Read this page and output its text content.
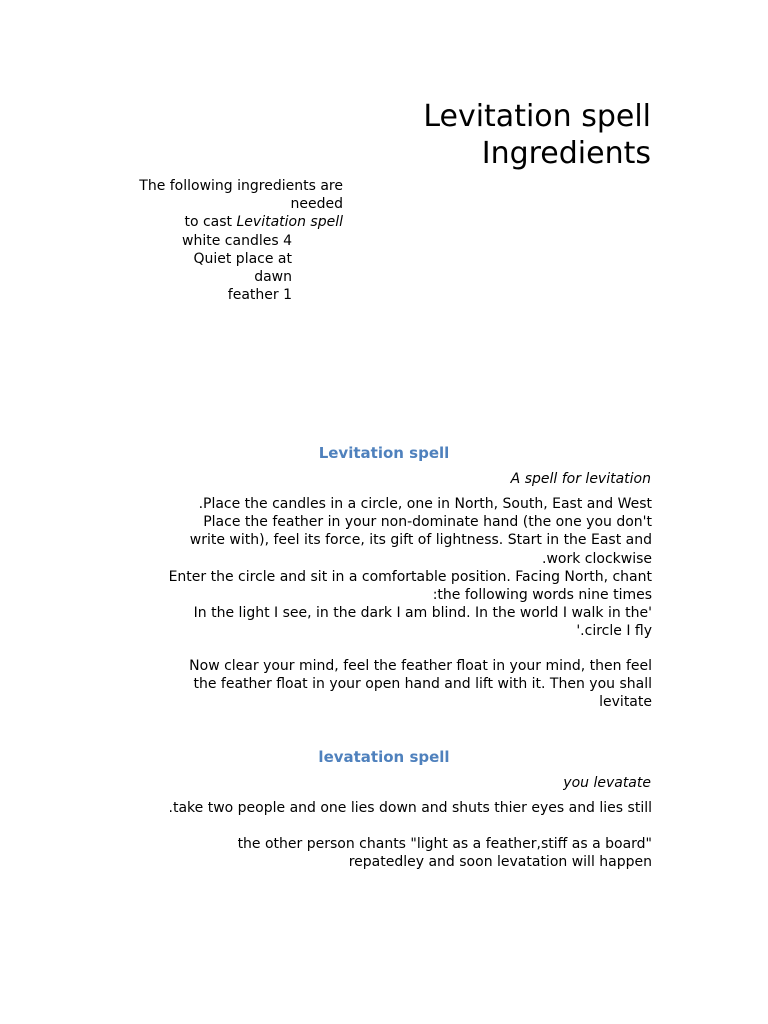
Levitation spell
Ingredients
The following ingredients are
needed
to cast Levitation spell
white candles 4
Quiet place at
dawn
feather 1
Levitation spell
A spell for levitation

.Place the candles in a circle, one in North, South, East and West
Place the feather in your non-dominate hand (the one you don't
write with), feel its force, its gift of lightness. Start in the East and
.work clockwise
Enter the circle and sit in a comfortable position. Facing North, chant
:the following words nine times
In the light I see, in the dark I am blind. In the world I walk in the'
'.circle I fly

Now clear your mind, feel the feather float in your mind, then feel
the feather float in your open hand and lift with it. Then you shall
levitate

levatation spell
you levatate

.take two people and one lies down and shuts thier eyes and lies still

the other person chants "light as a feather,stiff as a board"
repatedley and soon levatation will happen
